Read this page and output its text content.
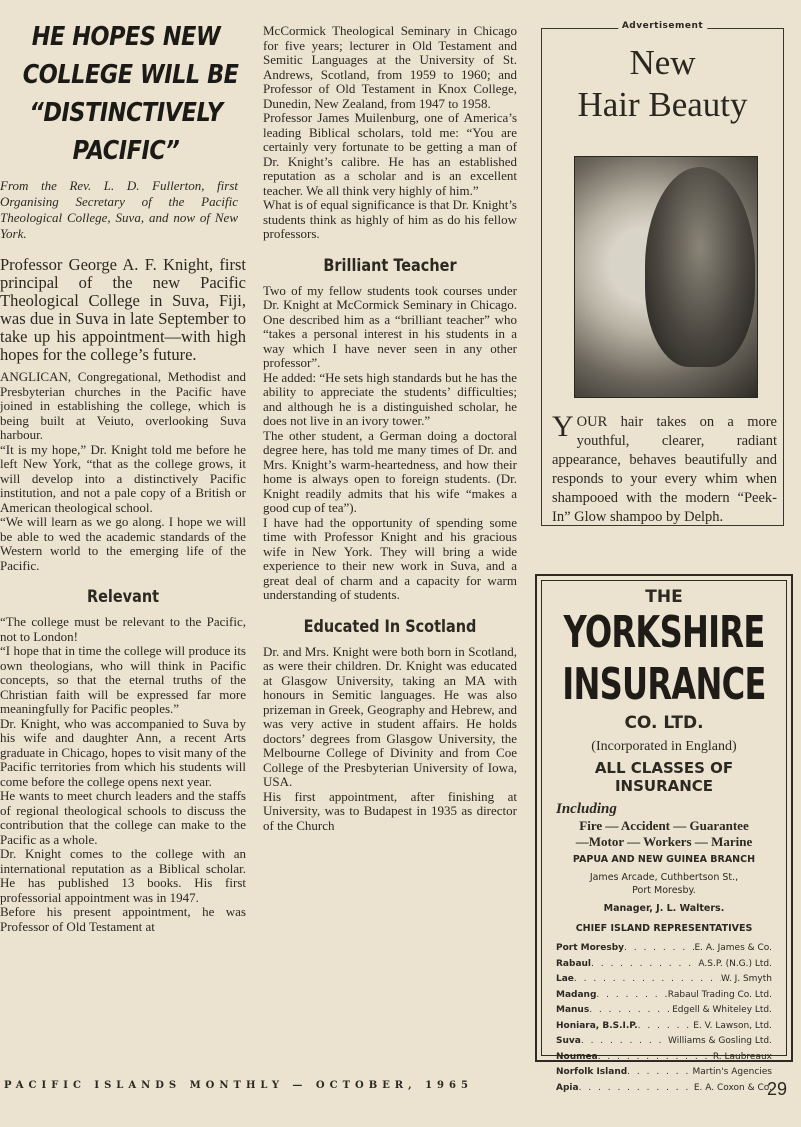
HE HOPES NEW
COLLEGE WILL BE
“DISTINCTIVELY
PACIFIC”
From the Rev. L. D. Fullerton, first Organising Secretary of the Pacific Theological College, Suva, and now of New York.
Professor George A. F. Knight, first principal of the new Pacific Theological College in Suva, Fiji, was due in Suva in late September to take up his appointment—with high hopes for the college’s future.

ANGLICAN, Congregational, Methodist and Presbyterian churches in the Pacific have joined in establishing the college, which is being built at Veiuto, overlooking Suva harbour.

“It is my hope,” Dr. Knight told me before he left New York, “that as the college grows, it will develop into a distinctively Pacific institution, and not a pale copy of a British or American theological school.

“We will learn as we go along. I hope we will be able to wed the academic standards of the Western world to the emerging life of the Pacific.

Relevant

“The college must be relevant to the Pacific, not to London!

“I hope that in time the college will produce its own theologians, who will think in Pacific concepts, so that the eternal truths of the Christian faith will be expressed far more meaningfully for Pacific peoples.”

Dr. Knight, who was accompanied to Suva by his wife and daughter Ann, a recent Arts graduate in Chicago, hopes to visit many of the Pacific territories from which his students will come before the college opens next year.

He wants to meet church leaders and the staffs of regional theological schools to discuss the contribution that the college can make to the Pacific as a whole.

Dr. Knight comes to the college with an international reputation as a Biblical scholar. He has published 13 books. His first professorial appointment was in 1947.

Before his present appointment, he was Professor of Old Testament at

McCormick Theological Seminary in Chicago for five years; lecturer in Old Testament and Semitic Languages at the University of St. Andrews, Scotland, from 1959 to 1960; and Professor of Old Testament in Knox College, Dunedin, New Zealand, from 1947 to 1958.

Professor James Muilenburg, one of America’s leading Biblical scholars, told me: “You are certainly very fortunate to be getting a man of Dr. Knight’s calibre. He has an established reputation as a scholar and is an excellent teacher. We all think very highly of him.”

What is of equal significance is that Dr. Knight’s students think as highly of him as do his fellow professors.

Brilliant Teacher

Two of my fellow students took courses under Dr. Knight at McCormick Seminary in Chicago. One described him as a “brilliant teacher” who “takes a personal interest in his students in a way which I have never seen in any other professor”.

He added: “He sets high standards but he has the ability to appreciate the students’ difficulties; and although he is a distinguished scholar, he does not live in an ivory tower.”

The other student, a German doing a doctoral degree here, has told me many times of Dr. and Mrs. Knight’s warm-heartedness, and how their home is always open to foreign students. (Dr. Knight readily admits that his wife “makes a good cup of tea”).

I have had the opportunity of spending some time with Professor Knight and his gracious wife in New York. They will bring a wide experience to their new work in Suva, and a great deal of charm and a capacity for warm understanding of students.

Educated In Scotland

Dr. and Mrs. Knight were both born in Scotland, as were their children. Dr. Knight was educated at Glasgow University, taking an MA with honours in Semitic languages. He was also prizeman in Greek, Geography and Hebrew, and was very active in student affairs. He holds doctors’ degrees from Glasgow University, the Melbourne College of Divinity and from Coe College of the Presbyterian University of Iowa, USA.

His first appointment, after finishing at University, was to Budapest in 1935 as director of the Church

Advertisement
New
Hair Beauty
Y OUR hair takes on a more youthful, clearer, radiant appearance, behaves beautifully and responds to your every whim when shampooed with the modern “Peek-In” Glow shampoo by Delph.
THE
YORKSHIRE
INSURANCE
CO. LTD.
(Incorporated in England)
ALL CLASSES OF
INSURANCE
Including
Fire — Accident — Guarantee
—Motor — Workers — Marine
PAPUA AND NEW GUINEA BRANCH
James Arcade, Cuthbertson St.,
Port Moresby.
Manager, J. L. Walters.
CHIEF ISLAND REPRESENTATIVES
Port Moresby . . .	E. A. James & Co.
Rabaul . . .	A.S.P. (N.G.) Ltd.
Lae . . .	W. J. Smyth
Madang . . .	Rabaul Trading Co. Ltd.
Manus . . .	Edgell & Whiteley Ltd.
Honiara, B.S.I.P. . . .	E. V. Lawson, Ltd.
Suva . . .	Williams & Gosling Ltd.
Noumea . . .	R. Laubreaux
Norfolk Island . . .	Martin's Agencies
Apia . . .	E. A. Coxon & Co.
PACIFIC ISLANDS MONTHLY — OCTOBER, 1965	29
